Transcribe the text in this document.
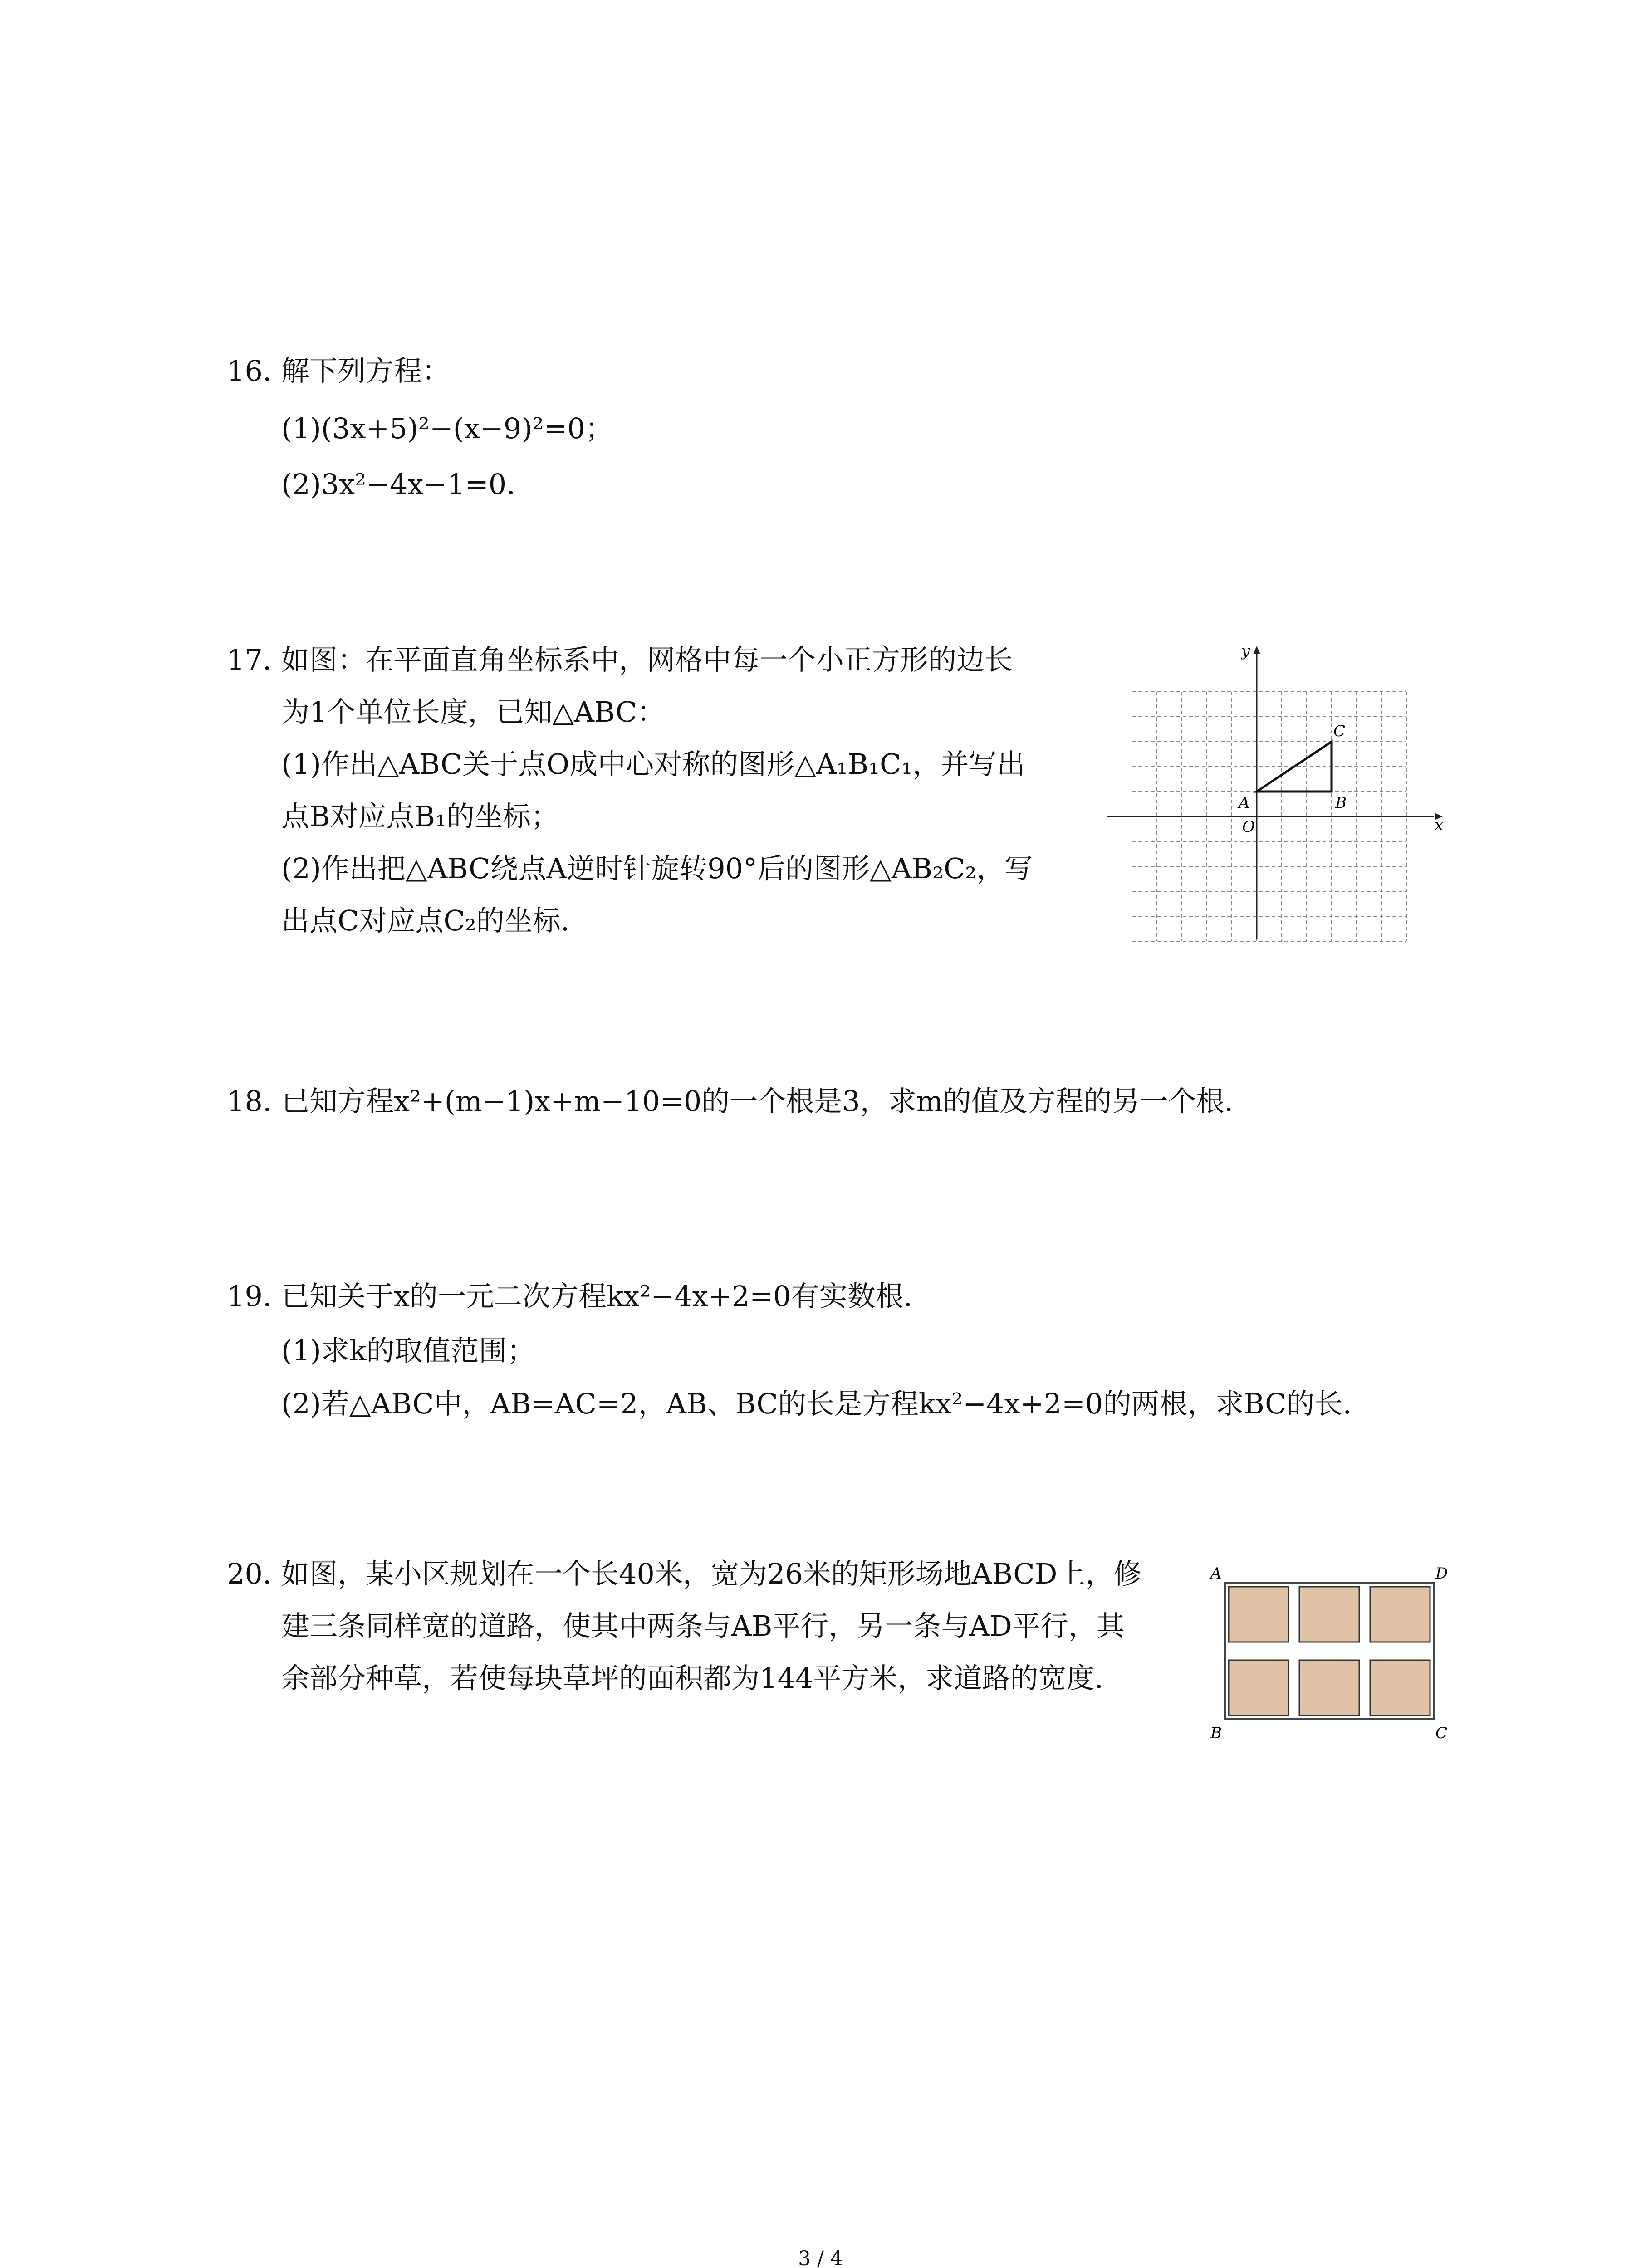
16. 解下列方程：
(1)(3x+5)²−(x−9)²=0；
(2)3x²−4x−1=0.
17. 如图：在平面直角坐标系中，网格中每一个小正方形的边长
为1个单位长度，已知△ABC：
(1)作出△ABC关于点O成中心对称的图形△A₁B₁C₁，并写出
点B对应点B₁的坐标；
(2)作出把△ABC绕点A逆时针旋转90°后的图形△AB₂C₂，写
出点C对应点C₂的坐标.
x
y
O
A	B
C
18. 已知方程x²+(m−1)x+m−10=0的一个根是3，求m的值及方程的另一个根.
19. 已知关于x的一元二次方程kx²−4x+2=0有实数根.
(1)求k的取值范围；
(2)若△ABC中，AB=AC=2，AB、BC的长是方程kx²−4x+2=0的两根，求BC的长.
20. 如图，某小区规划在一个长40米，宽为26米的矩形场地ABCD上，修
建三条同样宽的道路，使其中两条与AB平行，另一条与AD平行，其
余部分种草，若使每块草坪的面积都为144平方米，求道路的宽度.
A	D
B	C
3 / 4
